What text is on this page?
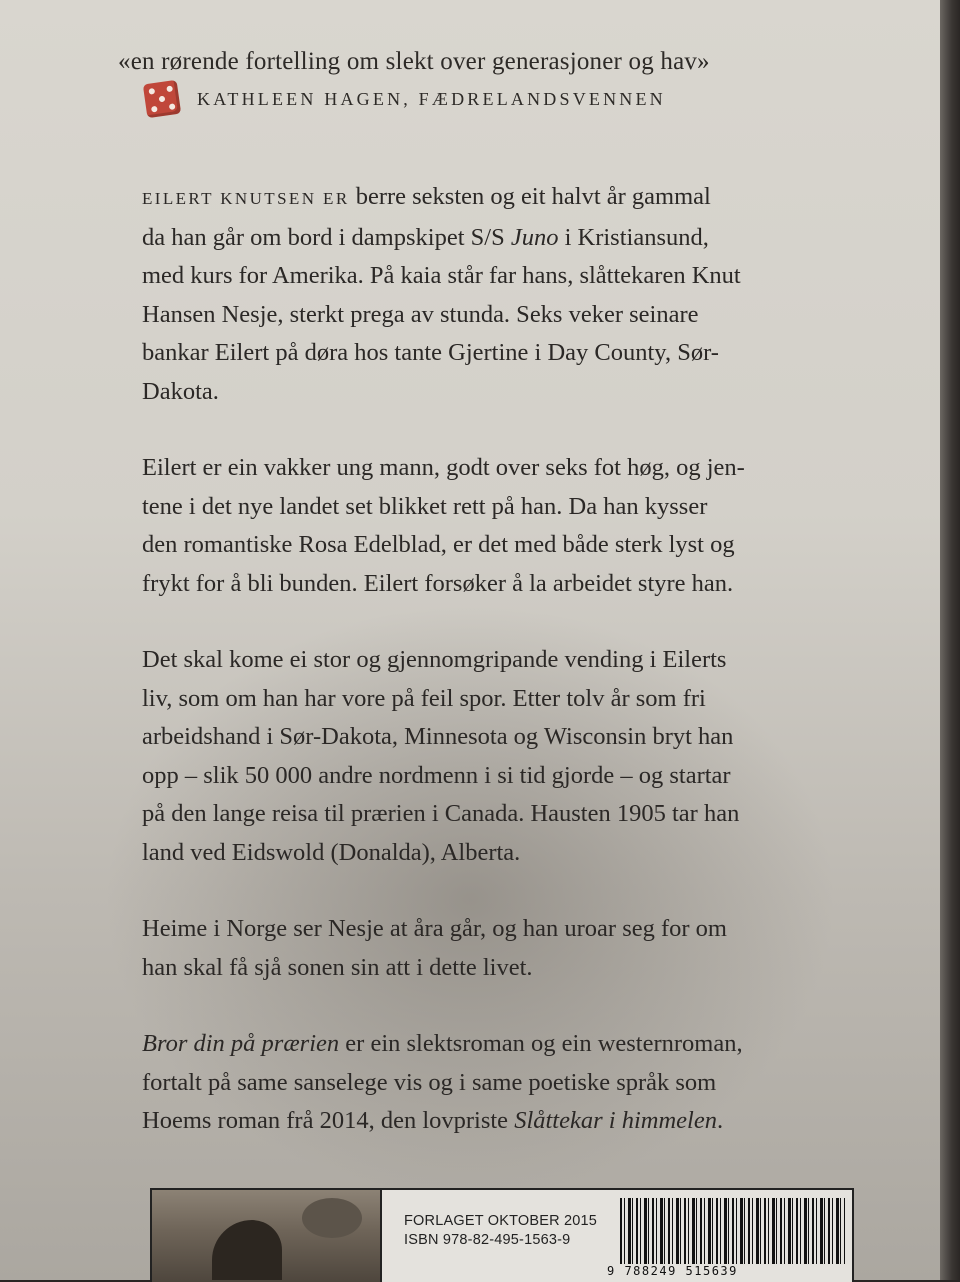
«en rørende fortelling om slekt over generasjoner og hav»
KATHLEEN HAGEN, FÆDRELANDSVENNEN
EILERT KNUTSEN ER berre seksten og eit halvt år gammal
da han går om bord i dampskipet S/S Juno i Kristiansund,
med kurs for Amerika. På kaia står far hans, slåttekaren Knut
Hansen Nesje, sterkt prega av stunda. Seks veker seinare
bankar Eilert på døra hos tante Gjertine i Day County, Sør-
Dakota.
Eilert er ein vakker ung mann, godt over seks fot høg, og jen-
tene i det nye landet set blikket rett på han. Da han kysser
den romantiske Rosa Edelblad, er det med både sterk lyst og
frykt for å bli bunden. Eilert forsøker å la arbeidet styre han.
Det skal kome ei stor og gjennomgripande vending i Eilerts
liv, som om han har vore på feil spor. Etter tolv år som fri
arbeidshand i Sør-Dakota, Minnesota og Wisconsin bryt han
opp – slik 50 000 andre nordmenn i si tid gjorde – og startar
på den lange reisa til prærien i Canada. Hausten 1905 tar han
land ved Eidswold (Donalda), Alberta.
Heime i Norge ser Nesje at åra går, og han uroar seg for om
han skal få sjå sonen sin att i dette livet.
Bror din på prærien er ein slektsroman og ein westernroman,
fortalt på same sanselege vis og i same poetiske språk som
Hoems roman frå 2014, den lovpriste Slåttekar i himmelen.
FORLAGET OKTOBER 2015
ISBN 978-82-495-1563-9
9 788249 515639
